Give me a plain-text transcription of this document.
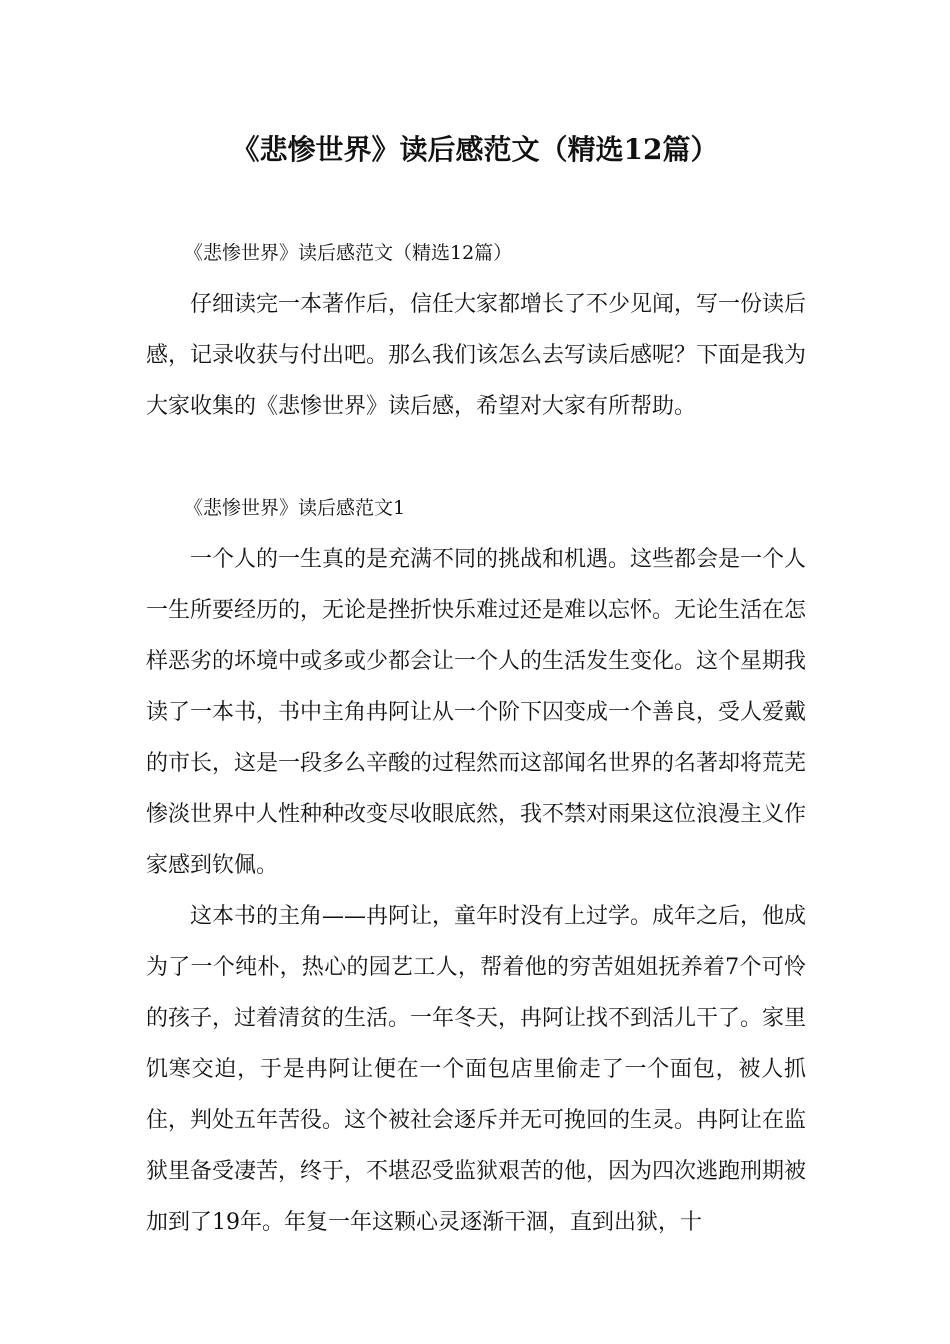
《悲惨世界》读后感范文（精选12篇）

《悲惨世界》读后感范文（精选12篇）

仔细读完一本著作后，信任大家都增长了不少见闻，写一份读后感，记录收获与付出吧。那么我们该怎么去写读后感呢？下面是我为大家收集的《悲惨世界》读后感，希望对大家有所帮助。

《悲惨世界》读后感范文1

一个人的一生真的是充满不同的挑战和机遇。这些都会是一个人一生所要经历的，无论是挫折快乐难过还是难以忘怀。无论生活在怎样恶劣的坏境中或多或少都会让一个人的生活发生变化。这个星期我读了一本书，书中主角冉阿让从一个阶下囚变成一个善良，受人爱戴的市长，这是一段多么辛酸的过程然而这部闻名世界的名著却将荒芜惨淡世界中人性种种改变尽收眼底然，我不禁对雨果这位浪漫主义作家感到钦佩。

这本书的主角——冉阿让，童年时没有上过学。成年之后，他成为了一个纯朴，热心的园艺工人，帮着他的穷苦姐姐抚养着7个可怜的孩子，过着清贫的生活。一年冬天，冉阿让找不到活儿干了。家里饥寒交迫，于是冉阿让便在一个面包店里偷走了一个面包，被人抓住，判处五年苦役。这个被社会逐斥并无可挽回的生灵。冉阿让在监狱里备受凄苦，终于，不堪忍受监狱艰苦的他，因为四次逃跑刑期被加到了19年。年复一年这颗心灵逐渐干涸，直到出狱，十
